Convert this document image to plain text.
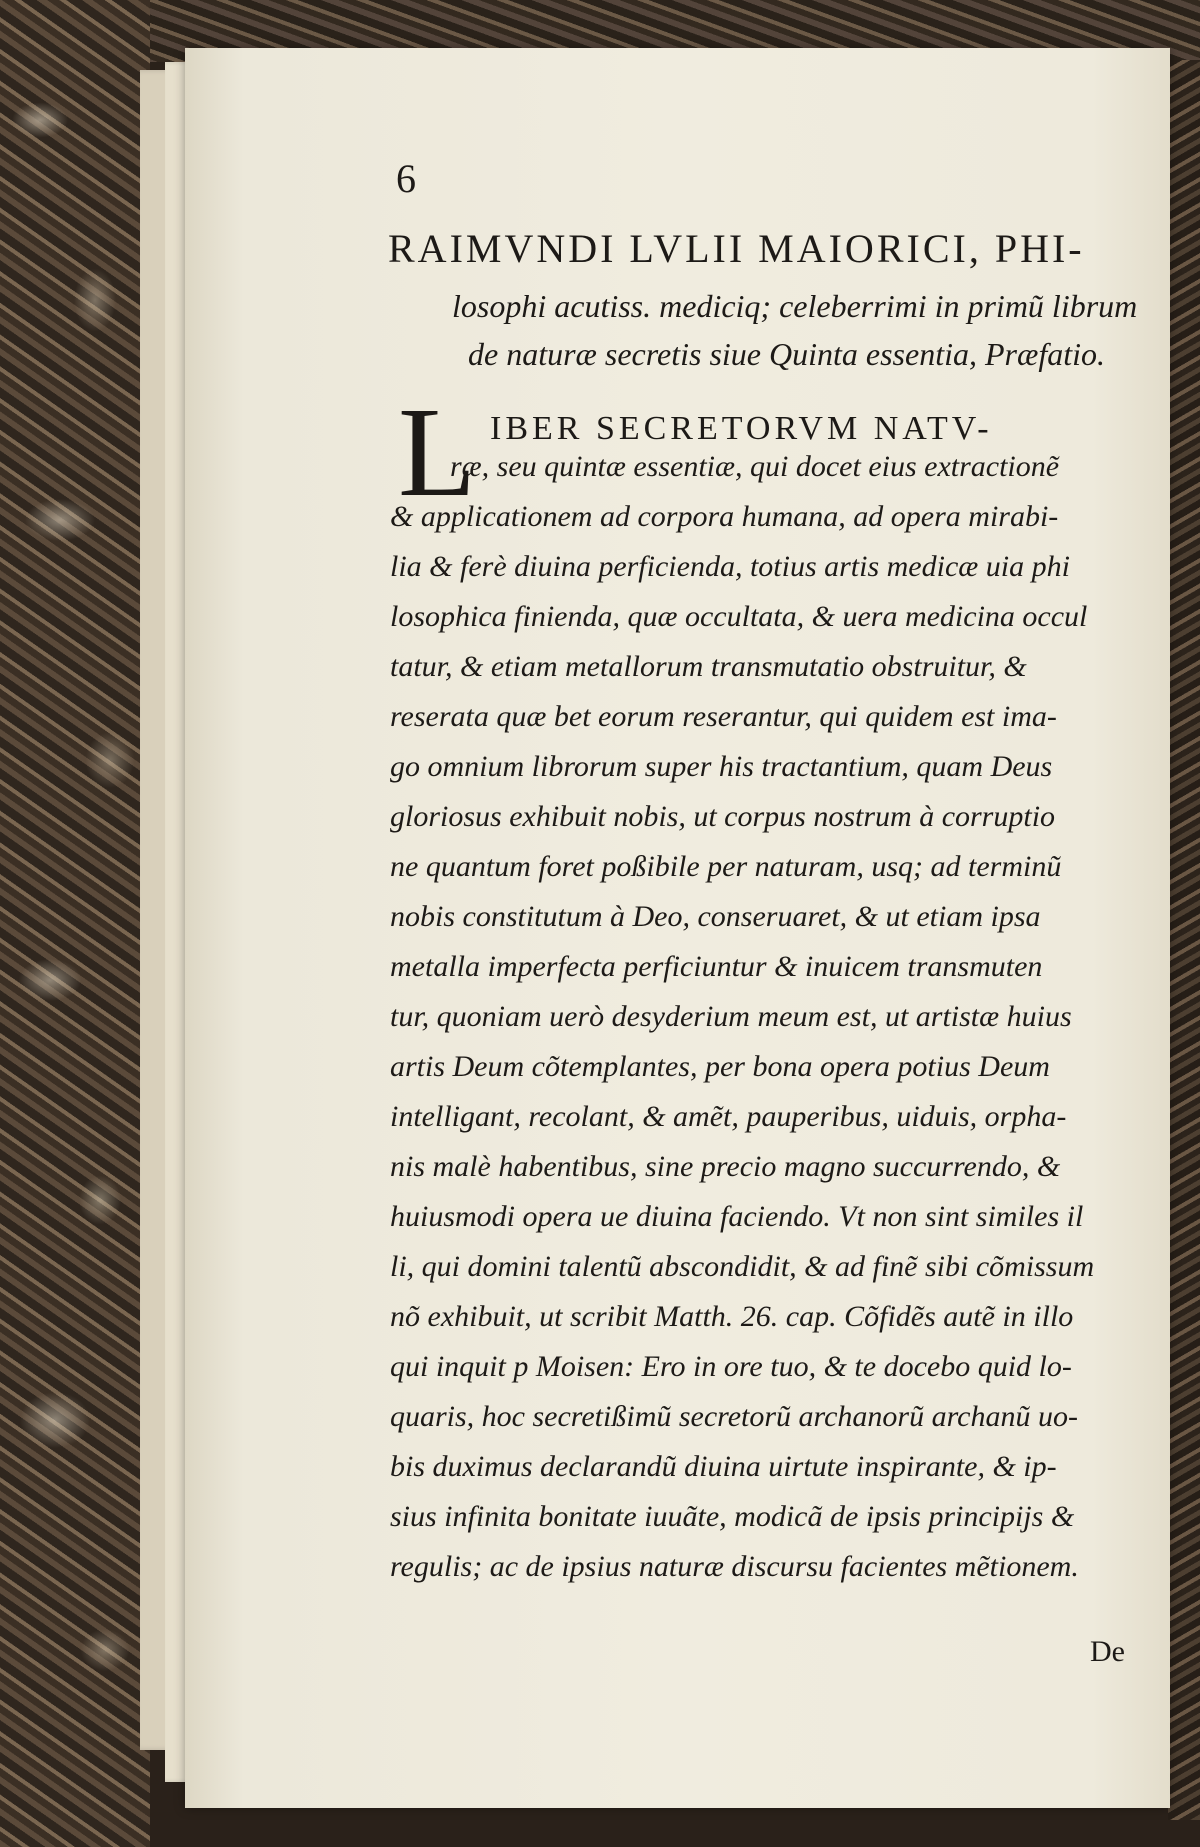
6
RAIMVNDI LVLII MAIORICI, PHI-
losophi acutiss. mediciq; celeberrimi in primũ librum
de naturæ secretis siue Quinta essentia, Præfatio.
L IBER SECRETORVM NATV-
ræ, seu quintæ essentiæ, qui docet eius extractionẽ
& applicationem ad corpora humana, ad opera mirabi-
lia & ferè diuina perficienda, totius artis medicæ uia phi
losophica finienda, quæ occultata, & uera medicina occul
tatur, & etiam metallorum transmutatio obstruitur, &
reserata quæ bet eorum reserantur, qui quidem est ima-
go omnium librorum super his tractantium, quam Deus
gloriosus exhibuit nobis, ut corpus nostrum à corruptio
ne quantum foret poßibile per naturam, usq; ad terminũ
nobis constitutum à Deo, conseruaret, & ut etiam ipsa
metalla imperfecta perficiuntur & inuicem transmuten
tur, quoniam uerò desyderium meum est, ut artistæ huius
artis Deum cõtemplantes, per bona opera potius Deum
intelligant, recolant, & amẽt, pauperibus, uiduis, orpha-
nis malè habentibus, sine precio magno succurrendo, &
huiusmodi opera ue diuina faciendo. Vt non sint similes il
li, qui domini talentũ abscondidit, & ad finẽ sibi cõmissum
nõ exhibuit, ut scribit Matth. 26. cap. Cõfidẽs autẽ in illo
qui inquit p Moisen: Ero in ore tuo, & te docebo quid lo-
quaris, hoc secretißimũ secretorũ archanorũ archanũ uo-
bis duximus declarandũ diuina uirtute inspirante, & ip-
sius infinita bonitate iuuãte, modicã de ipsis principijs &
regulis; ac de ipsius naturæ discursu facientes mẽtionem.
De
